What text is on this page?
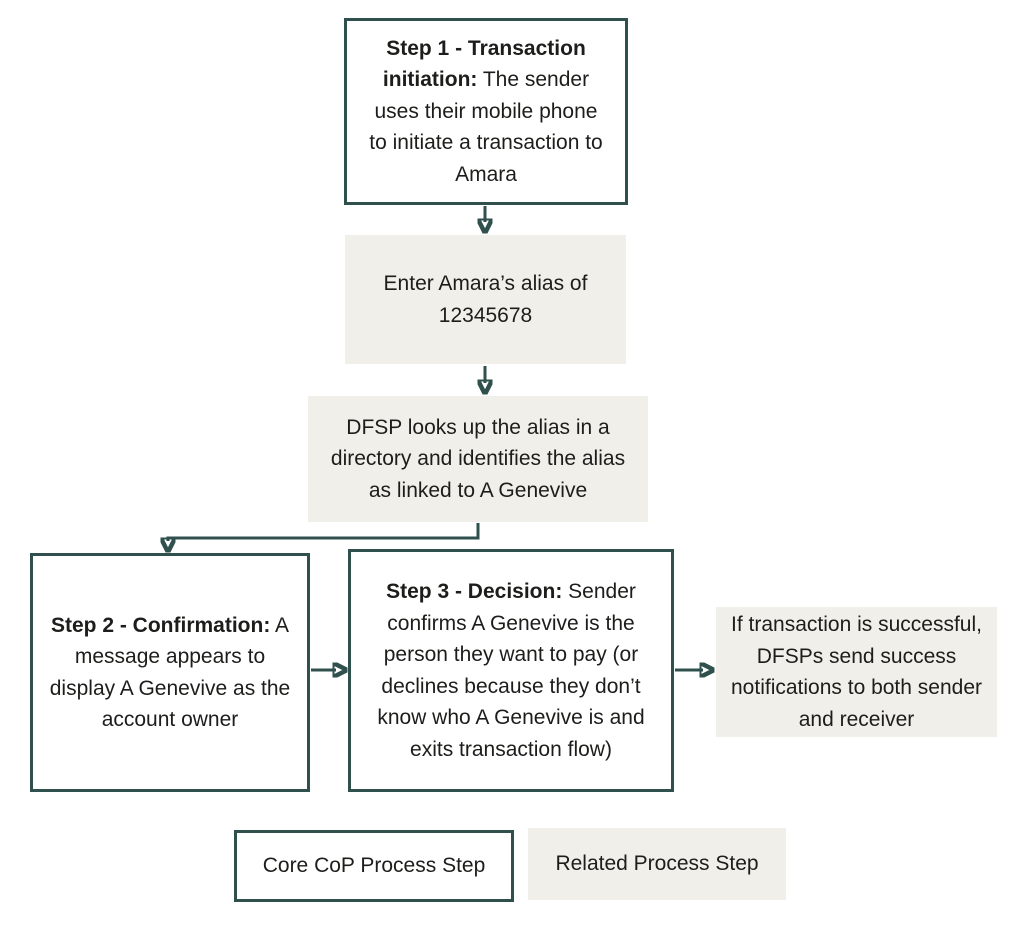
Step 1 - Transaction initiation: The sender uses their mobile phone to initiate a transaction to Amara

Enter Amara’s alias of 12345678

DFSP looks up the alias in a directory and identifies the alias as linked to A Genevive

Step 2 - Confirmation: A message appears to display A Genevive as the account owner

Step 3 - Decision: Sender confirms A Genevive is the person they want to pay (or declines because they don’t know who A Genevive is and exits transaction flow)

If transaction is successful, DFSPs send success notifications to both sender and receiver

Core CoP Process Step	Related Process Step
